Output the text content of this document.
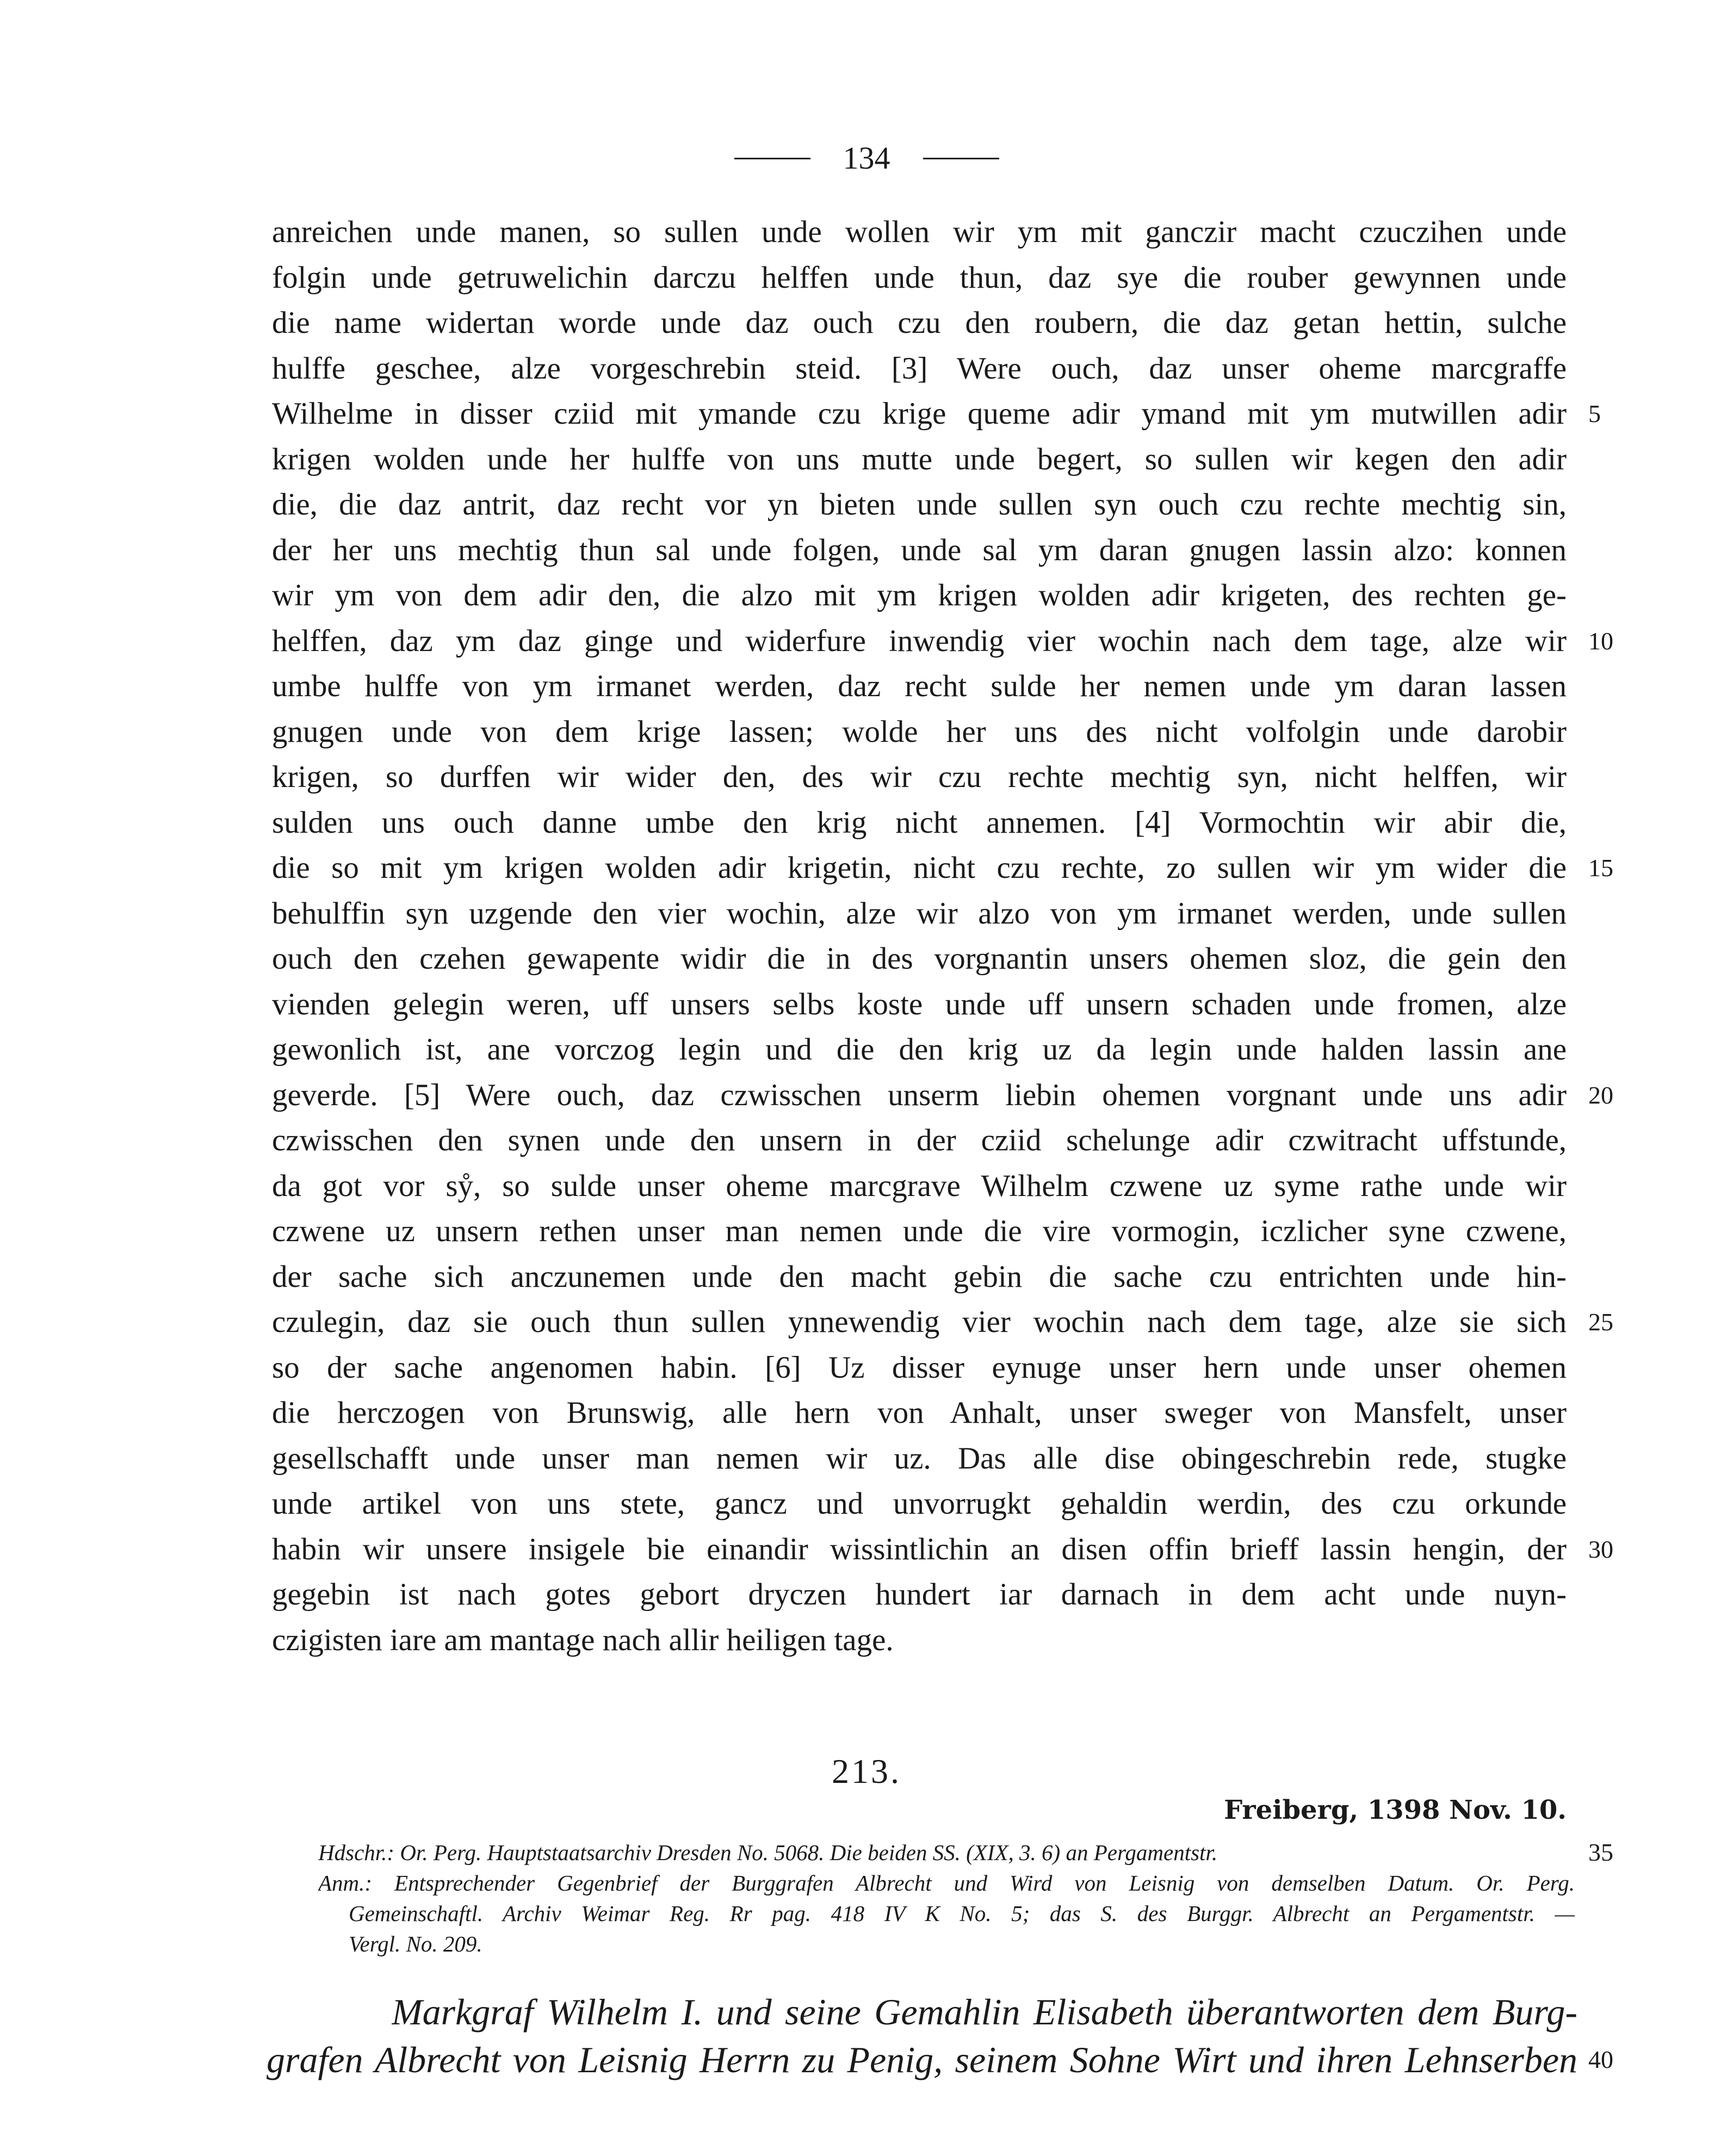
134
anreichen unde manen, so sullen unde wollen wir ym mit ganczir macht czuczihen unde
folgin unde getruwelichin darczu helffen unde thun, daz sye die rouber gewynnen unde
die name widertan worde unde daz ouch czu den roubern, die daz getan hettin, sulche
hulffe geschee, alze vorgeschrebin steid. [3] Were ouch, daz unser oheme marcgraffe
Wilhelme in disser cziid mit ymande czu krige queme adir ymand mit ym mutwillen adir 5
krigen wolden unde her hulffe von uns mutte unde begert, so sullen wir kegen den adir
die, die daz antrit, daz recht vor yn bieten unde sullen syn ouch czu rechte mechtig sin,
der her uns mechtig thun sal unde folgen, unde sal ym daran gnugen lassin alzo: konnen
wir ym von dem adir den, die alzo mit ym krigen wolden adir krigeten, des rechten ge-
helffen, daz ym daz ginge und widerfure inwendig vier wochin nach dem tage, alze wir 10
umbe hulffe von ym irmanet werden, daz recht sulde her nemen unde ym daran lassen
gnugen unde von dem krige lassen; wolde her uns des nicht volfolgin unde darobir
krigen, so durffen wir wider den, des wir czu rechte mechtig syn, nicht helffen, wir
sulden uns ouch danne umbe den krig nicht annemen. [4] Vormochtin wir abir die,
die so mit ym krigen wolden adir krigetin, nicht czu rechte, zo sullen wir ym wider die 15
behulffin syn uzgende den vier wochin, alze wir alzo von ym irmanet werden, unde sullen
ouch den czehen gewapente widir die in des vorgnantin unsers ohemen sloz, die gein den
vienden gelegin weren, uff unsers selbs koste unde uff unsern schaden unde fromen, alze
gewonlich ist, ane vorczog legin und die den krig uz da legin unde halden lassin ane
geverde. [5] Were ouch, daz czwisschen unserm liebin ohemen vorgnant unde uns adir 20
czwisschen den synen unde den unsern in der cziid schelunge adir czwitracht uffstunde,
da got vor sẙ, so sulde unser oheme marcgrave Wilhelm czwene uz syme rathe unde wir
czwene uz unsern rethen unser man nemen unde die vire vormogin, iczlicher syne czwene,
der sache sich anczunemen unde den macht gebin die sache czu entrichten unde hin-
czulegin, daz sie ouch thun sullen ynnewendig vier wochin nach dem tage, alze sie sich 25
so der sache angenomen habin. [6] Uz disser eynuge unser hern unde unser ohemen
die herczogen von Brunswig, alle hern von Anhalt, unser sweger von Mansfelt, unser
gesellschafft unde unser man nemen wir uz. Das alle dise obingeschrebin rede, stugke
unde artikel von uns stete, gancz und unvorrugkt gehaldin werdin, des czu orkunde
habin wir unsere insigele bie einandir wissintlichin an disen offin brieff lassin hengin, der 30
gegebin ist nach gotes gebort dryczen hundert iar darnach in dem acht unde nuyn-
czigisten iare am mantage nach allir heiligen tage.
213.
Freiberg, 1398 Nov. 10.
Hdschr.: Or. Perg. Hauptstaatsarchiv Dresden No. 5068. Die beiden SS. (XIX, 3. 6) an Pergamentstr.	35
Anm.: Entsprechender Gegenbrief der Burggrafen Albrecht und Wird von Leisnig von demselben Datum. Or. Perg.
Gemeinschaftl. Archiv Weimar Reg. Rr pag. 418 IV K No. 5; das S. des Burggr. Albrecht an Pergamentstr. —
Vergl. No. 209.
Markgraf Wilhelm I. und seine Gemahlin Elisabeth überantworten dem Burg-
grafen Albrecht von Leisnig Herrn zu Penig, seinem Sohne Wirt und ihren Lehnserben 40
